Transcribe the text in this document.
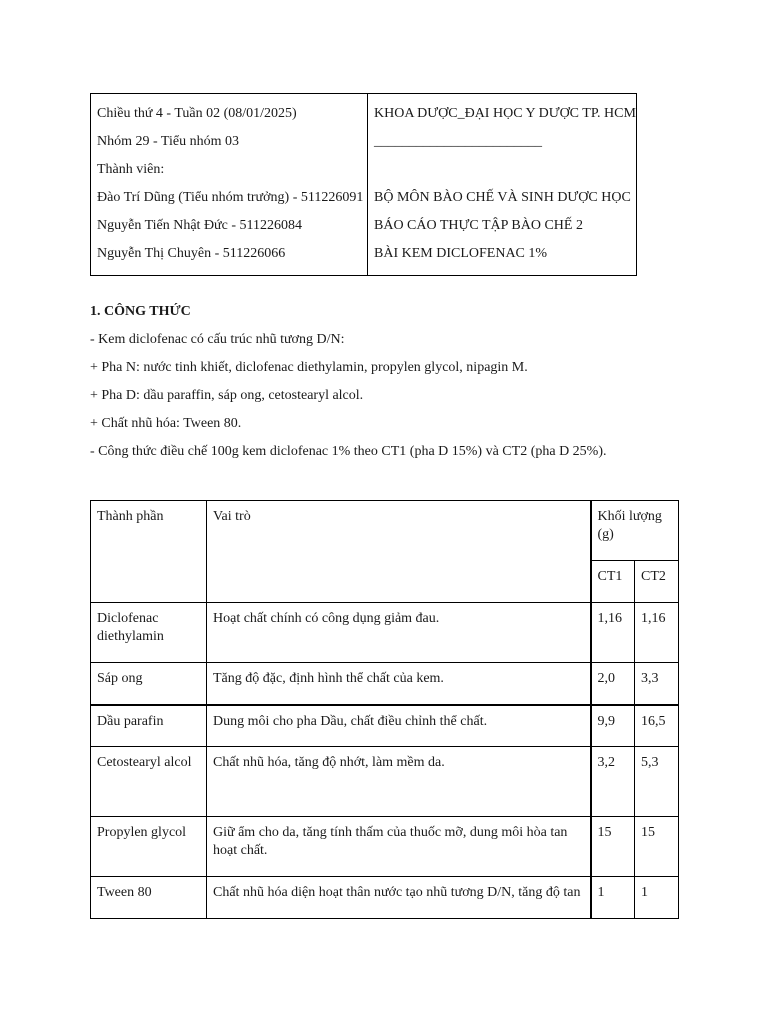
Chiều thứ 4 - Tuần 02 (08/01/2025)
Nhóm 29 - Tiểu nhóm 03
Thành viên:
Đào Trí Dũng (Tiểu nhóm trưởng) - 511226091
Nguyễn Tiến Nhật Đức - 511226084
Nguyễn Thị Chuyên - 511226066

KHOA DƯỢC_ĐẠI HỌC Y DƯỢC TP. HCM
________________________
BỘ MÔN BÀO CHẾ VÀ SINH DƯỢC HỌC
BÁO CÁO THỰC TẬP BÀO CHẾ 2
BÀI KEM DICLOFENAC 1%
1. CÔNG THỨC
- Kem diclofenac có cấu trúc nhũ tương D/N:
+ Pha N: nước tinh khiết, diclofenac diethylamin, propylen glycol, nipagin M.
+ Pha D: dầu paraffin, sáp ong, cetostearyl alcol.
+ Chất nhũ hóa: Tween 80.
- Công thức điều chế 100g kem diclofenac 1% theo CT1 (pha D 15%) và CT2 (pha D 25%).
Thành phần	Vai trò	Khối lượng (g)	
		CT1	CT2
Diclofenac diethylamin	Hoạt chất chính có công dụng giảm đau.	1,16	1,16
Sáp ong	Tăng độ đặc, định hình thể chất của kem.	2,0	3,3
Dầu parafin	Dung môi cho pha Dầu, chất điều chỉnh thể chất.	9,9	16,5
Cetostearyl alcol	Chất nhũ hóa, tăng độ nhớt, làm mềm da.	3,2	5,3
Propylen glycol	Giữ ẩm cho da, tăng tính thấm của thuốc mỡ, dung môi hòa tan hoạt chất.	15	15
Tween 80	Chất nhũ hóa diện hoạt thân nước tạo nhũ tương D/N, tăng độ tan	1	1
